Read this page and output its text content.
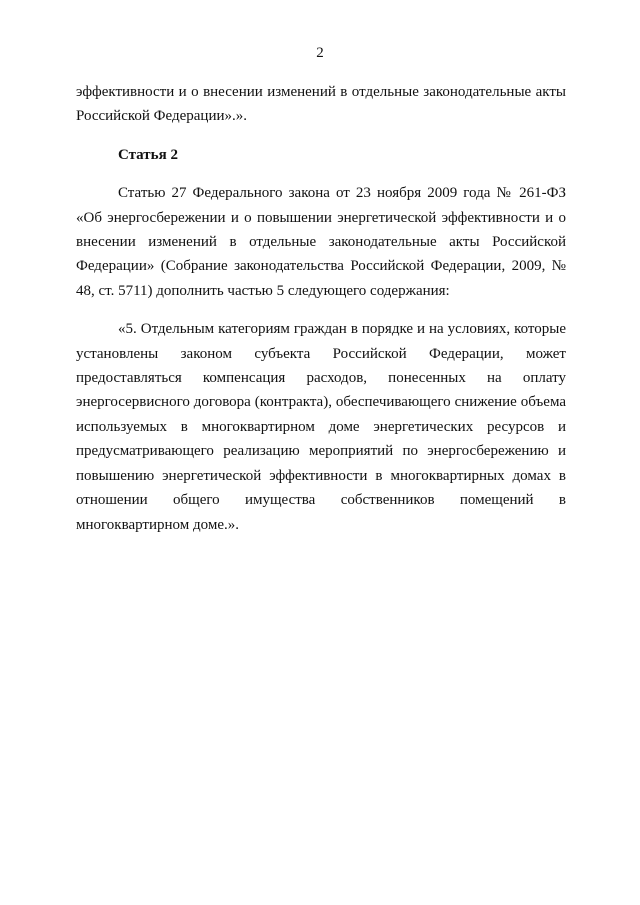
2

эффективности и о внесении изменений в отдельные законодательные акты Российской Федерации».».

Статья 2

Статью 27 Федерального закона от 23 ноября 2009 года № 261-ФЗ «Об энергосбережении и о повышении энергетической эффективности и о внесении изменений в отдельные законодательные акты Российской Федерации» (Собрание законодательства Российской Федерации, 2009, № 48, ст. 5711) дополнить частью 5 следующего содержания:

«5. Отдельным категориям граждан в порядке и на условиях, которые установлены законом субъекта Российской Федерации, может предоставляться компенсация расходов, понесенных на оплату энергосервисного договора (контракта), обеспечивающего снижение объема используемых в многоквартирном доме энергетических ресурсов и предусматривающего реализацию мероприятий по энергосбережению и повышению энергетической эффективности в многоквартирных домах в отношении общего имущества собственников помещений в многоквартирном доме.».
